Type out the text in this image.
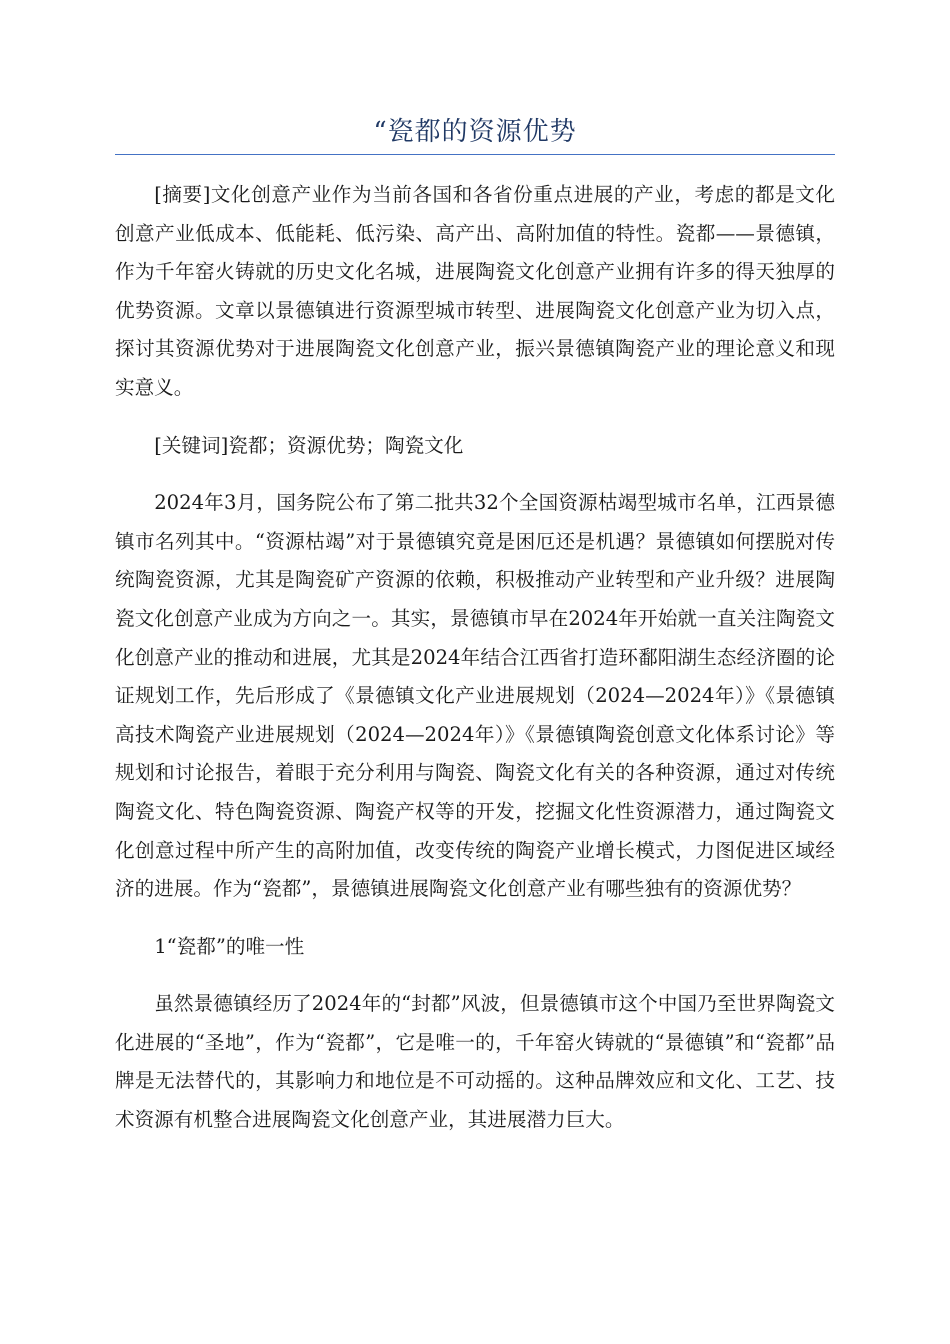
“瓷都的资源优势

[摘要]文化创意产业作为当前各国和各省份重点进展的产业，考虑的都是文化创意产业低成本、低能耗、低污染、高产出、高附加值的特性。瓷都——景德镇，作为千年窑火铸就的历史文化名城，进展陶瓷文化创意产业拥有许多的得天独厚的优势资源。文章以景德镇进行资源型城市转型、进展陶瓷文化创意产业为切入点，探讨其资源优势对于进展陶瓷文化创意产业，振兴景德镇陶瓷产业的理论意义和现实意义。

[关键词]瓷都；资源优势；陶瓷文化

2024年3月，国务院公布了第二批共32个全国资源枯竭型城市名单，江西景德镇市名列其中。“资源枯竭”对于景德镇究竟是困厄还是机遇？景德镇如何摆脱对传统陶瓷资源，尤其是陶瓷矿产资源的依赖，积极推动产业转型和产业升级？进展陶瓷文化创意产业成为方向之一。其实，景德镇市早在2024年开始就一直关注陶瓷文化创意产业的推动和进展，尤其是2024年结合江西省打造环鄱阳湖生态经济圈的论证规划工作，先后形成了《景德镇文化产业进展规划（2024—2024年）》《景德镇高技术陶瓷产业进展规划（2024—2024年）》《景德镇陶瓷创意文化体系讨论》等规划和讨论报告，着眼于充分利用与陶瓷、陶瓷文化有关的各种资源，通过对传统陶瓷文化、特色陶瓷资源、陶瓷产权等的开发，挖掘文化性资源潜力，通过陶瓷文化创意过程中所产生的高附加值，改变传统的陶瓷产业增长模式，力图促进区域经济的进展。作为“瓷都”，景德镇进展陶瓷文化创意产业有哪些独有的资源优势？

1“瓷都”的唯一性

虽然景德镇经历了2024年的“封都”风波，但景德镇市这个中国乃至世界陶瓷文化进展的“圣地”，作为“瓷都”，它是唯一的，千年窑火铸就的“景德镇”和“瓷都”品牌是无法替代的，其影响力和地位是不可动摇的。这种品牌效应和文化、工艺、技术资源有机整合进展陶瓷文化创意产业，其进展潜力巨大。
